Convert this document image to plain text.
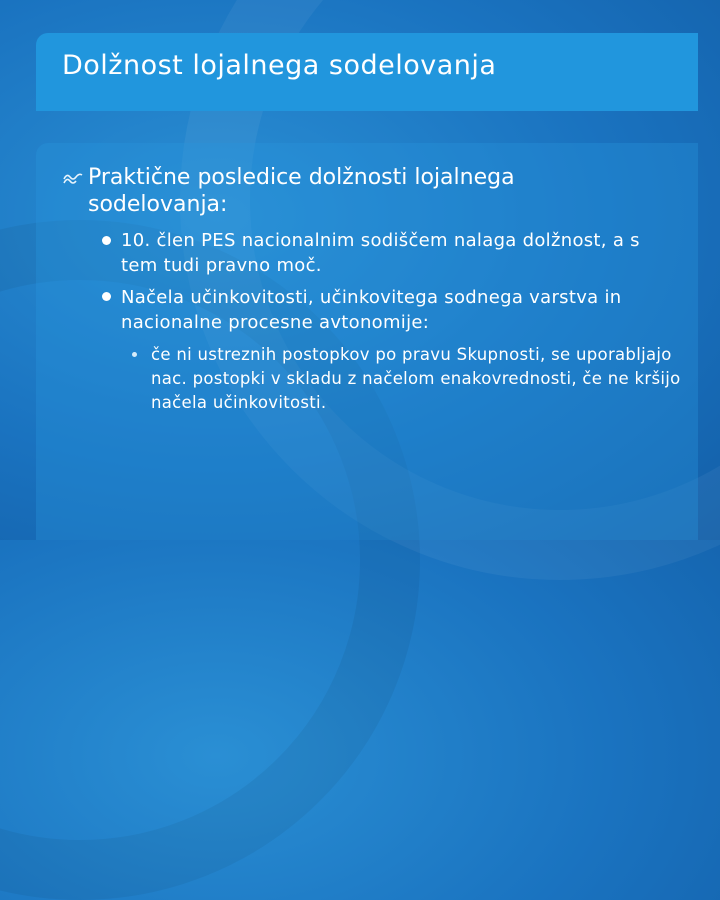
Dolžnost lojalnega sodelovanja
Praktične posledice dolžnosti lojalnega sodelovanja:
10. člen PES nacionalnim sodiščem nalaga dolžnost, a s tem tudi pravno moč.
Načela učinkovitosti, učinkovitega sodnega varstva in nacionalne procesne avtonomije:
če ni ustreznih postopkov po pravu Skupnosti, se uporabljajo nac. postopki v skladu z načelom enakovrednosti, če ne kršijo načela učinkovitosti.
